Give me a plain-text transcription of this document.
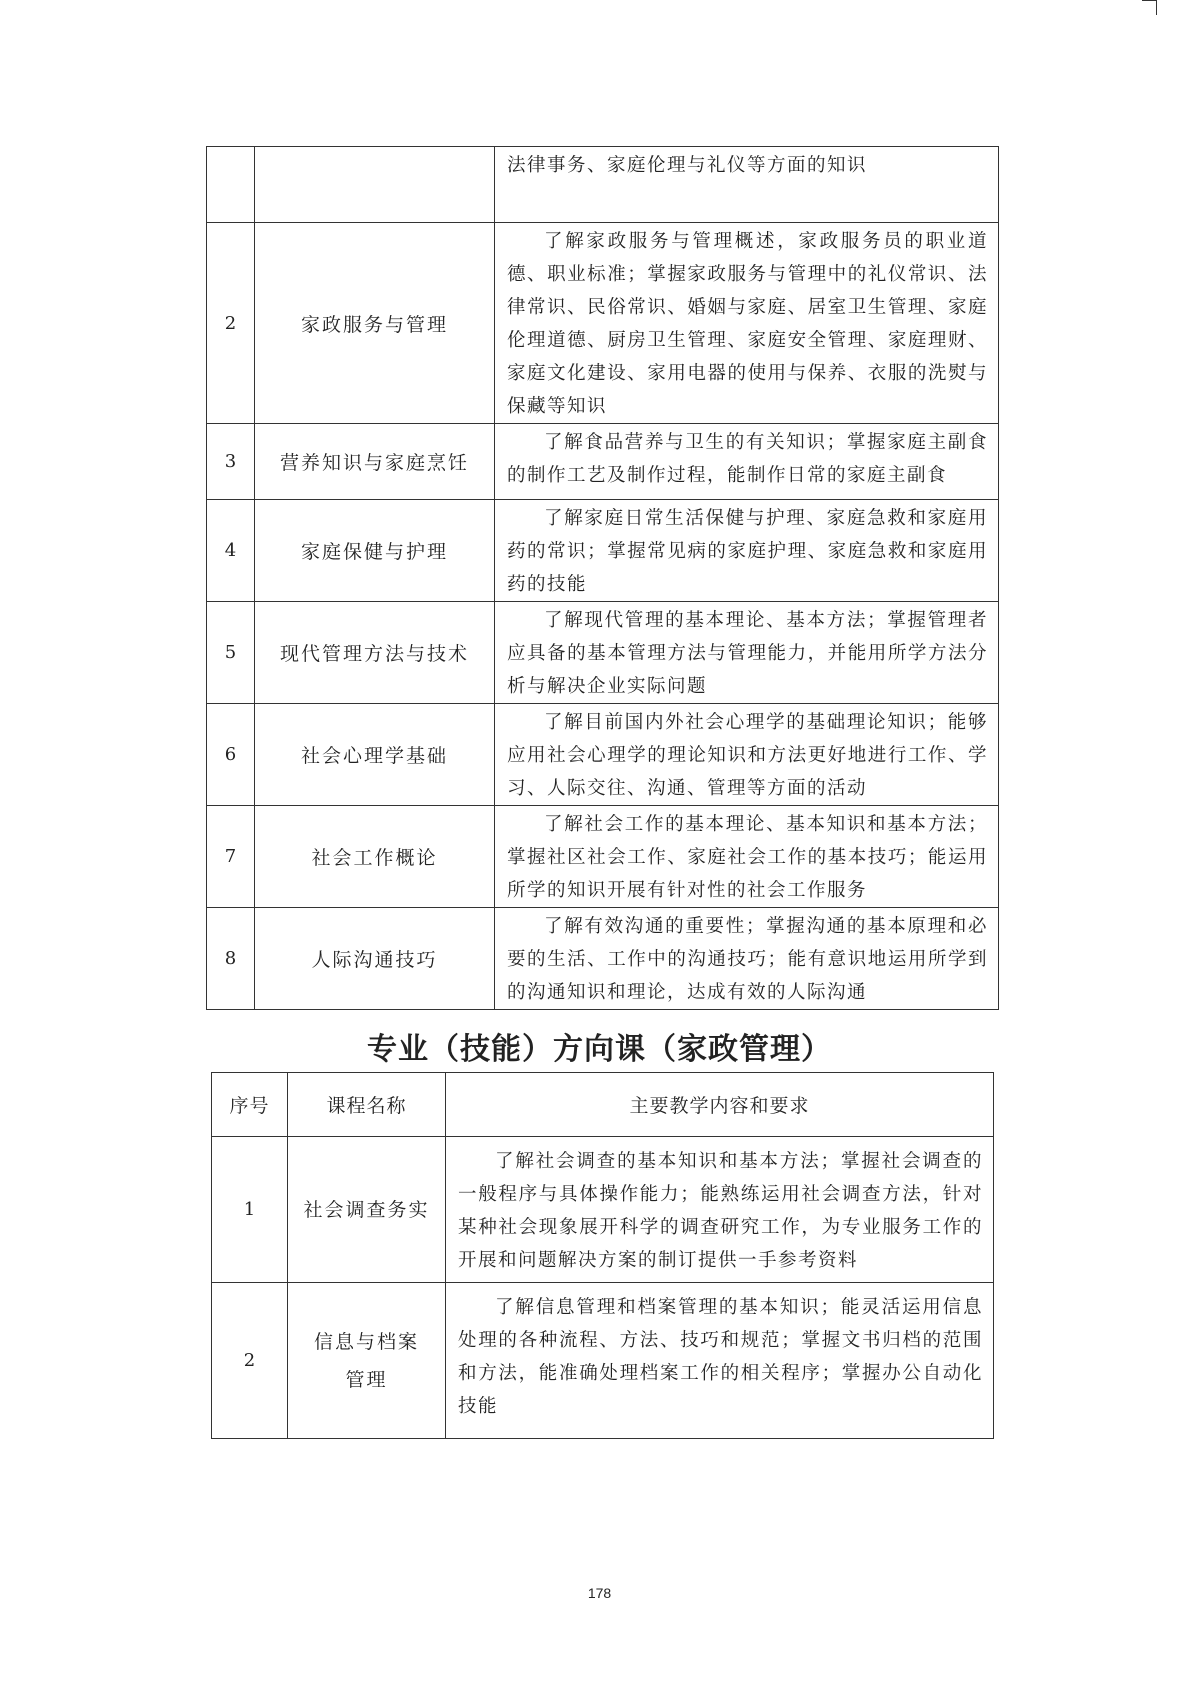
		法律事务、家庭伦理与礼仪等方面的知识
2	家政服务与管理	了解家政服务与管理概述，家政服务员的职业道德、职业标准；掌握家政服务与管理中的礼仪常识、法律常识、民俗常识、婚姻与家庭、居室卫生管理、家庭伦理道德、厨房卫生管理、家庭安全管理、家庭理财、家庭文化建设、家用电器的使用与保养、衣服的洗熨与保藏等知识
3	营养知识与家庭烹饪	了解食品营养与卫生的有关知识；掌握家庭主副食的制作工艺及制作过程，能制作日常的家庭主副食
4	家庭保健与护理	了解家庭日常生活保健与护理、家庭急救和家庭用药的常识；掌握常见病的家庭护理、家庭急救和家庭用药的技能
5	现代管理方法与技术	了解现代管理的基本理论、基本方法；掌握管理者应具备的基本管理方法与管理能力，并能用所学方法分析与解决企业实际问题
6	社会心理学基础	了解目前国内外社会心理学的基础理论知识；能够应用社会心理学的理论知识和方法更好地进行工作、学习、人际交往、沟通、管理等方面的活动
7	社会工作概论	了解社会工作的基本理论、基本知识和基本方法；掌握社区社会工作、家庭社会工作的基本技巧；能运用所学的知识开展有针对性的社会工作服务
8	人际沟通技巧	了解有效沟通的重要性；掌握沟通的基本原理和必要的生活、工作中的沟通技巧；能有意识地运用所学到的沟通知识和理论，达成有效的人际沟通
专业（技能）方向课（家政管理）
序号	课程名称	主要教学内容和要求
1	社会调查务实	了解社会调查的基本知识和基本方法；掌握社会调查的一般程序与具体操作能力；能熟练运用社会调查方法，针对某种社会现象展开科学的调查研究工作，为专业服务工作的开展和问题解决方案的制订提供一手参考资料
2	信息与档案管理	了解信息管理和档案管理的基本知识；能灵活运用信息处理的各种流程、方法、技巧和规范；掌握文书归档的范围和方法，能准确处理档案工作的相关程序；掌握办公自动化技能
178
